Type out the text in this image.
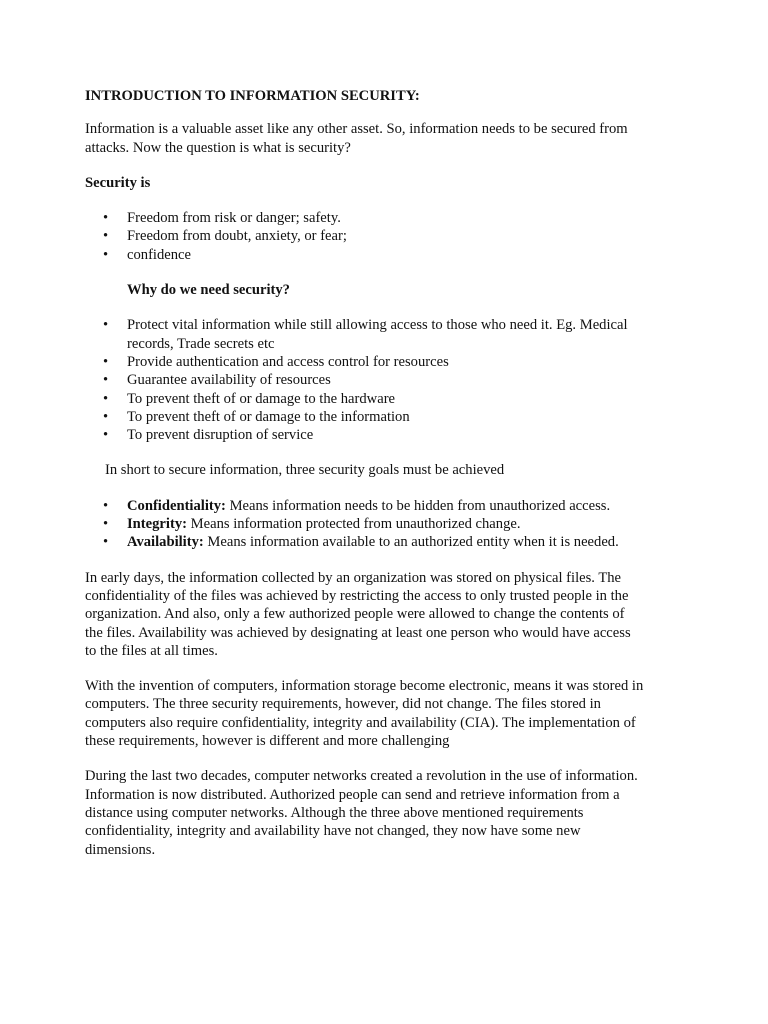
INTRODUCTION TO INFORMATION SECURITY:

Information is a valuable asset like any other asset. So, information needs to be secured from attacks. Now the question is what is security?

Security is

• Freedom from risk or danger; safety.
• Freedom from doubt, anxiety, or fear;
• confidence

Why do we need security?

• Protect vital information while still allowing access to those who need it. Eg. Medical records, Trade secrets etc
• Provide authentication and access control for resources
• Guarantee availability of resources
• To prevent theft of or damage to the hardware
• To prevent theft of or damage to the information
• To prevent disruption of service

In short to secure information, three security goals must be achieved

• Confidentiality: Means information needs to be hidden from unauthorized access.
• Integrity: Means information protected from unauthorized change.
• Availability: Means information available to an authorized entity when it is needed.

In early days, the information collected by an organization was stored on physical files. The confidentiality of the files was achieved by restricting the access to only trusted people in the organization. And also, only a few authorized people were allowed to change the contents of the files. Availability was achieved by designating at least one person who would have access to the files at all times.

With the invention of computers, information storage become electronic, means it was stored in computers. The three security requirements, however, did not change. The files stored in computers also require confidentiality, integrity and availability (CIA). The implementation of these requirements, however is different and more challenging

During the last two decades, computer networks created a revolution in the use of information. Information is now distributed. Authorized people can send and retrieve information from a distance using computer networks. Although the three above mentioned requirements confidentiality, integrity and availability have not changed, they now have some new dimensions.
